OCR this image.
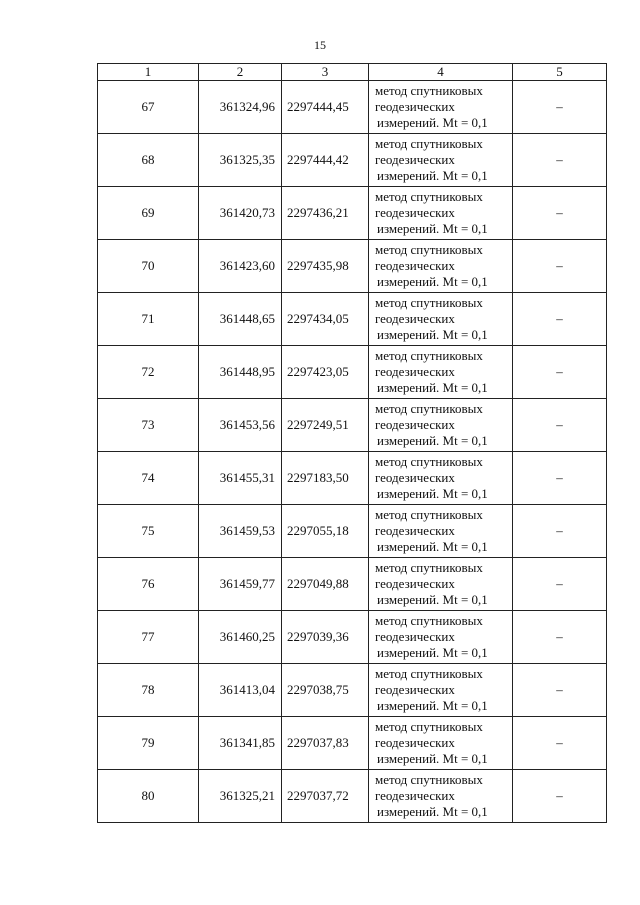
15
1	2	3	4	5
67	361324,96	2297444,45	метод спутниковых
геодезических
измерений. Mt = 0,1	–
68	361325,35	2297444,42	метод спутниковых
геодезических
измерений. Mt = 0,1	–
69	361420,73	2297436,21	метод спутниковых
геодезических
измерений. Mt = 0,1	–
70	361423,60	2297435,98	метод спутниковых
геодезических
измерений. Mt = 0,1	–
71	361448,65	2297434,05	метод спутниковых
геодезических
измерений. Mt = 0,1	–
72	361448,95	2297423,05	метод спутниковых
геодезических
измерений. Mt = 0,1	–
73	361453,56	2297249,51	метод спутниковых
геодезических
измерений. Mt = 0,1	–
74	361455,31	2297183,50	метод спутниковых
геодезических
измерений. Mt = 0,1	–
75	361459,53	2297055,18	метод спутниковых
геодезических
измерений. Mt = 0,1	–
76	361459,77	2297049,88	метод спутниковых
геодезических
измерений. Mt = 0,1	–
77	361460,25	2297039,36	метод спутниковых
геодезических
измерений. Mt = 0,1	–
78	361413,04	2297038,75	метод спутниковых
геодезических
измерений. Mt = 0,1	–
79	361341,85	2297037,83	метод спутниковых
геодезических
измерений. Mt = 0,1	–
80	361325,21	2297037,72	метод спутниковых
геодезических
измерений. Mt = 0,1	–
